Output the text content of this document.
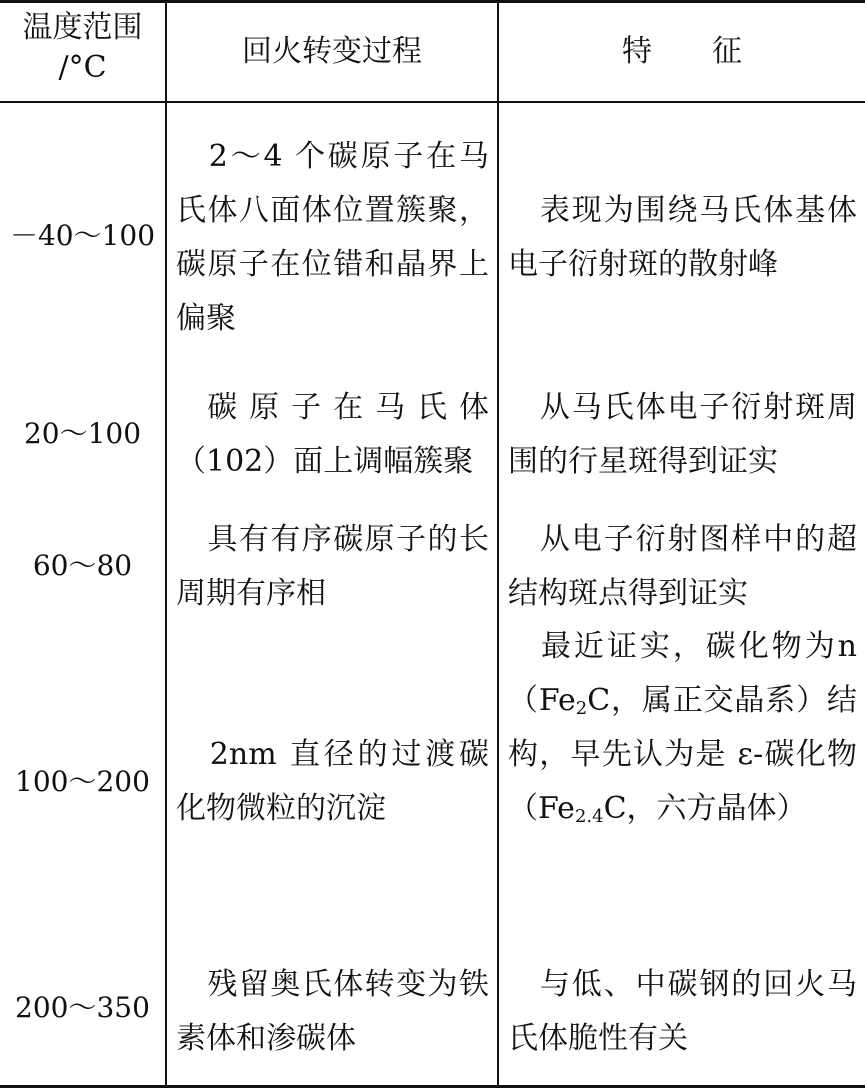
温度范围
/°C	回火转变过程	特　　征
－40～100
　2～4 个碳原子在马氏体八面体位置簇聚，碳原子在位错和晶界上偏聚
　表现为围绕马氏体基体电子衍射斑的散射峰
20～100
　碳 原 子 在 马 氏 体（102）面上调幅簇聚
　从马氏体电子衍射斑周围的行星斑得到证实
60～80
　具有有序碳原子的长周期有序相
　从电子衍射图样中的超结构斑点得到证实
100～200
　2nm 直径的过渡碳化物微粒的沉淀
　最近证实，碳化物为$n(Fe_2C$，属正交晶系）结构，早先认为是 ε-碳化物（$Fe_{2.4}C$，六方晶体）
200～350
　残留奥氏体转变为铁素体和渗碳体
　与低、中碳钢的回火马氏体脆性有关
